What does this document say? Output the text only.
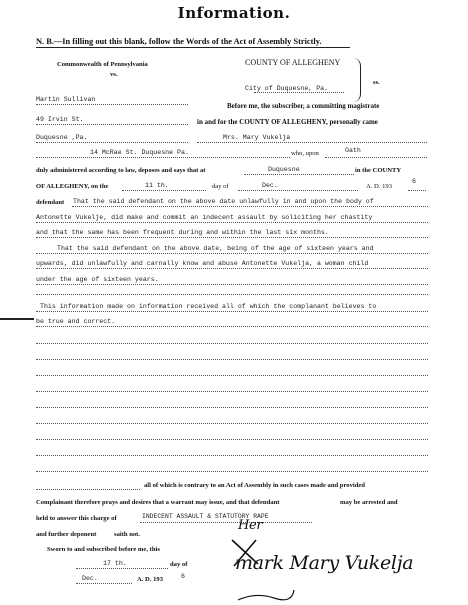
Information.
N. B.—In filling out this blank, follow the Words of the Act of Assembly Strictly.
Commonwealth of Pennsylvania
vs.
COUNTY OF ALLEGHENY
City of Duquesne, Pa.
ss.
Martin Sullivan
49 Irvin St.
Duquesne ,Pa.
Before me, the subscriber, a committing magistrate
in and for the COUNTY OF ALLEGHENY, personally came
Mrs. Mary Vukelja
14 McRae St. Duquesne Pa.	who, upon	Oath
duly administered according to law, deposes and says that at	Duquesne	in the COUNTY
OF ALLEGHENY, on the	11 th.	day of	Dec.	A. D. 193
6
defendant That the said defendant on the above date unlawfully in and upon the body of
Antonette Vukelje, did make and commit an indecent assault by soliciting her chastity
and that the same has been frequent during and within the last six months.
That the said defendant on the above date, being of the age of sixteen years and
upwards, did unlawfully and carnally know and abuse Antonette Vukelja, a woman child
under the age of sixteen years.
This information made on information received all of which the complanant believes to
be true and correct.
all of which is contrary to an Act of Assembly in such cases made and provided
Complainant therefore prays and desires that a warrant may issue, and that defendant	may be arrested and
held to answer this charge of	INDECENT ASSAULT & STATUTORY RAPE
and further deponent	saith not.
Sworn to and subscribed before me, this
17 th.	day of
Dec.	A. D. 193	6
Her
mark Mary Vukelja
